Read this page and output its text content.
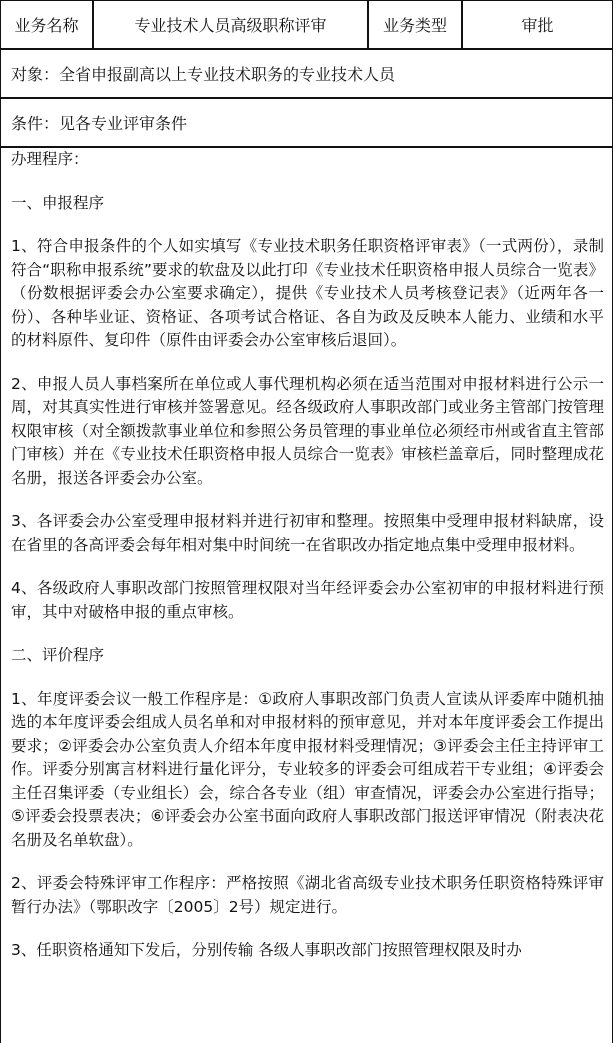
业务名称	专业技术人员高级职称评审	业务类型	审批
对象：全省申报副高以上专业技术职务的专业技术人员
条件：见各专业评审条件

办理程序：

一、申报程序

1、符合申报条件的个人如实填写《专业技术职务任职资格评审表》（一式两份），录制符合“职称申报系统”要求的软盘及以此打印《专业技术任职资格申报人员综合一览表》（份数根据评委会办公室要求确定），提供《专业技术人员考核登记表》（近两年各一份）、各种毕业证、资格证、各项考试合格证、各自为政及反映本人能力、业绩和水平的材料原件、复印件（原件由评委会办公室审核后退回）。

2、申报人员人事档案所在单位或人事代理机构必须在适当范围对申报材料进行公示一周，对其真实性进行审核并签署意见。经各级政府人事职改部门或业务主管部门按管理权限审核（对全额拨款事业单位和参照公务员管理的事业单位必须经市州或省直主管部门审核）并在《专业技术任职资格申报人员综合一览表》审核栏盖章后，同时整理成花名册，报送各评委会办公室。

3、各评委会办公室受理申报材料并进行初审和整理。按照集中受理申报材料缺席，设在省里的各高评委会每年相对集中时间统一在省职改办指定地点集中受理申报材料。

4、各级政府人事职改部门按照管理权限对当年经评委会办公室初审的申报材料进行预审，其中对破格申报的重点审核。

二、评价程序

1、年度评委会议一般工作程序是：①政府人事职改部门负责人宣读从评委库中随机抽选的本年度评委会组成人员名单和对申报材料的预审意见，并对本年度评委会工作提出要求；②评委会办公室负责人介绍本年度申报材料受理情况；③评委会主任主持评审工作。评委分别寓言材料进行量化评分，专业较多的评委会可组成若干专业组；④评委会主任召集评委（专业组长）会，综合各专业（组）审查情况，评委会办公室进行指导；⑤评委会投票表决；⑥评委会办公室书面向政府人事职改部门报送评审情况（附表决花名册及名单软盘）。

2、评委会特殊评审工作程序：严格按照《湖北省高级专业技术职务任职资格特殊评审暂行办法》（鄂职改字〔2005〕2号）规定进行。

3、任职资格通知下发后，分别传输 各级人事职改部门按照管理权限及时办
